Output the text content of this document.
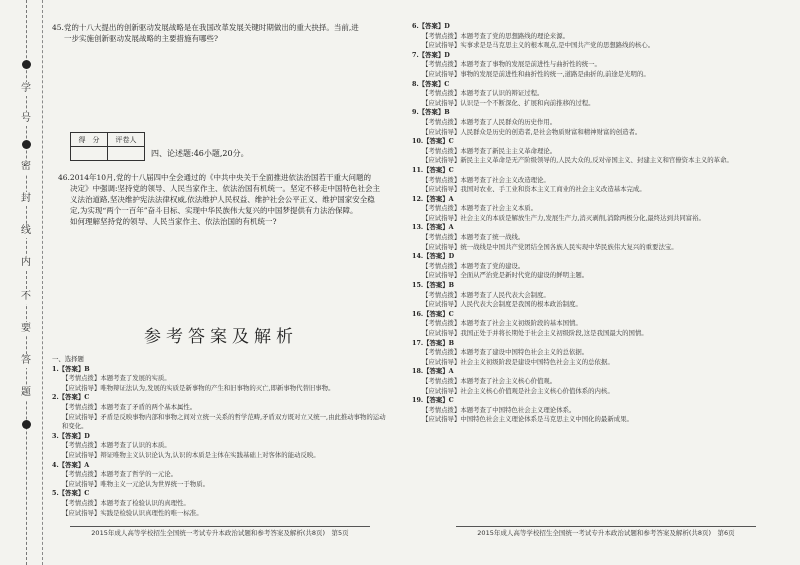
学
号
密
封
线
内
不
要
答
题

45.党的十八大提出的创新驱动发展战略是在我国改革发展关键时期做出的重大抉择。当前,进

一步实施创新驱动发展战略的主要措施有哪些?

得　分	评卷人

四、论述题:46小题,20分。

46.2014年10月,党的十八届四中全会通过的《中共中央关于全面推进依法治国若干重大问题的

决定》中强调:坚持党的领导、人民当家作主、依法治国有机统一。坚定不移走中国特色社会主

义法治道路,坚决维护宪法法律权威,依法维护人民权益、维护社会公平正义、维护国家安全稳

定,为实现“两个一百年”奋斗目标、实现中华民族伟大复兴的中国梦提供有力法治保障。

如何理解坚持党的领导、人民当家作主、依法治国的有机统一?

参考答案及解析
一、选择题
1.【答案】B
【考情点拨】本题考查了发展的实质。
【应试指导】唯物辩证法认为,发展的实质是新事物的产生和旧事物的灭亡,即新事物代替旧事物。
2.【答案】C
【考情点拨】本题考查了矛盾的两个基本属性。
【应试指导】矛盾是反映事物内部和事物之间对立统一关系的哲学范畴,矛盾双方既对立又统一,由此推动事物的运动和变化。
3.【答案】D
【考情点拨】本题考查了认识的本质。
【应试指导】辩证唯物主义认识论认为,认识的本质是主体在实践基础上对客体的能动反映。
4.【答案】A
【考情点拨】本题考查了哲学的一元论。
【应试指导】唯物主义一元论认为世界统一于物质。
5.【答案】C
【考情点拨】本题考查了检验认识的真理性。
【应试指导】实践是检验认识真理性的唯一标准。
6.【答案】D
【考情点拨】本题考查了党的思想路线的理论来源。
【应试指导】实事求是是马克思主义的根本观点,是中国共产党的思想路线的核心。
7.【答案】D
【考情点拨】本题考查了事物的发展是前进性与曲折性的统一。
【应试指导】事物的发展是前进性和曲折性的统一,道路是曲折的,前途是光明的。
8.【答案】C
【考情点拨】本题考查了认识的辩证过程。
【应试指导】认识是一个不断深化、扩展和向前推移的过程。
9.【答案】B
【考情点拨】本题考查了人民群众的历史作用。
【应试指导】人民群众是历史的创造者,是社会物质财富和精神财富的创造者。
10.【答案】C
【考情点拨】本题考查了新民主主义革命理论。
【应试指导】新民主主义革命是无产阶级领导的,人民大众的,反对帝国主义、封建主义和官僚资本主义的革命。
11.【答案】C
【考情点拨】本题考查了社会主义改造理论。
【应试指导】我国对农业、手工业和资本主义工商业的社会主义改造基本完成。
12.【答案】A
【考情点拨】本题考查了社会主义本质。
【应试指导】社会主义的本质是解放生产力,发展生产力,消灭剥削,消除两极分化,最终达到共同富裕。
13.【答案】A
【考情点拨】本题考查了统一战线。
【应试指导】统一战线是中国共产党团结全国各族人民实现中华民族伟大复兴的重要法宝。
14.【答案】D
【考情点拨】本题考查了党的建设。
【应试指导】全面从严治党是新时代党的建设的鲜明主题。
15.【答案】B
【考情点拨】本题考查了人民代表大会制度。
【应试指导】人民代表大会制度是我国的根本政治制度。
16.【答案】C
【考情点拨】本题考查了社会主义初级阶段的基本国情。
【应试指导】我国正处于并将长期处于社会主义初级阶段,这是我国最大的国情。
17.【答案】B
【考情点拨】本题考查了建设中国特色社会主义的总依据。
【应试指导】社会主义初级阶段是建设中国特色社会主义的总依据。
18.【答案】A
【考情点拨】本题考查了社会主义核心价值观。
【应试指导】社会主义核心价值观是社会主义核心价值体系的内核。
19.【答案】C
【考情点拨】本题考查了中国特色社会主义理论体系。
【应试指导】中国特色社会主义理论体系是马克思主义中国化的最新成果。
2015年成人高等学校招生全国统一考试专升本政治试题和参考答案及解析(共8页)　第5页	2015年成人高等学校招生全国统一考试专升本政治试题和参考答案及解析(共8页)　第6页
